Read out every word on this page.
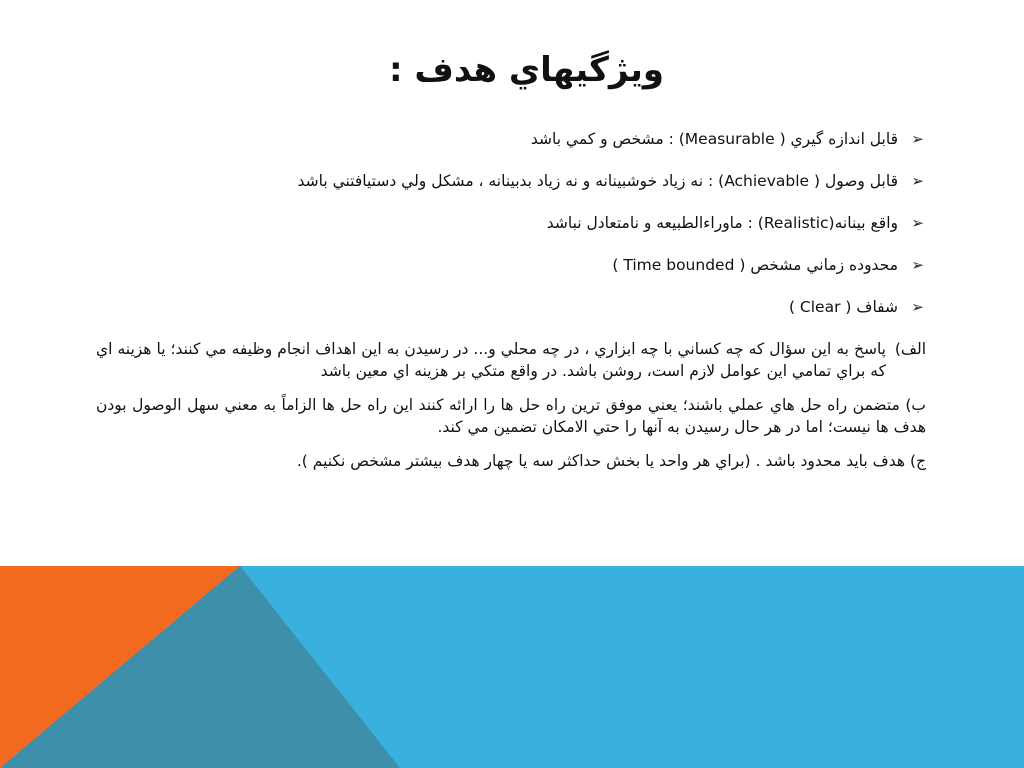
ويژگيهاي هدف :
➢
قابل اندازه گيري ( Measurable) : مشخص و كمي باشد
➢
قابل وصول ( Achievable) : نه زياد خوشبينانه و نه زياد بدبينانه ، مشكل ولي دستيافتني باشد
➢
واقع بينانه(Realistic) : ماوراءالطبيعه و نامتعادل نباشد
➢
محدوده زماني مشخص ( Time bounded )
➢
شفاف ( Clear )

الف)
پاسخ به اين سؤال كه چه كساني با چه ابزاري ، در چه محلي و... در رسيدن به اين اهداف انجام وظيفه مي كنند؛ يا هزينه اي كه براي تمامي اين عوامل لازم است، روشن باشد. در واقع متكي بر هزينه اي معين باشد

ب) متضمن راه حل هاي عملي باشند؛ يعني موفق ترين راه حل ها را ارائه كنند اين راه حل ها الزاماً به معني سهل الوصول بودن هدف ها نيست؛ اما در هر حال رسيدن به آنها را حتي الامكان تضمين مي كند.

ج) هدف بايد محدود باشد . (براي هر واحد يا بخش حداكثر سه يا چهار هدف بيشتر مشخص نكنيم ).
